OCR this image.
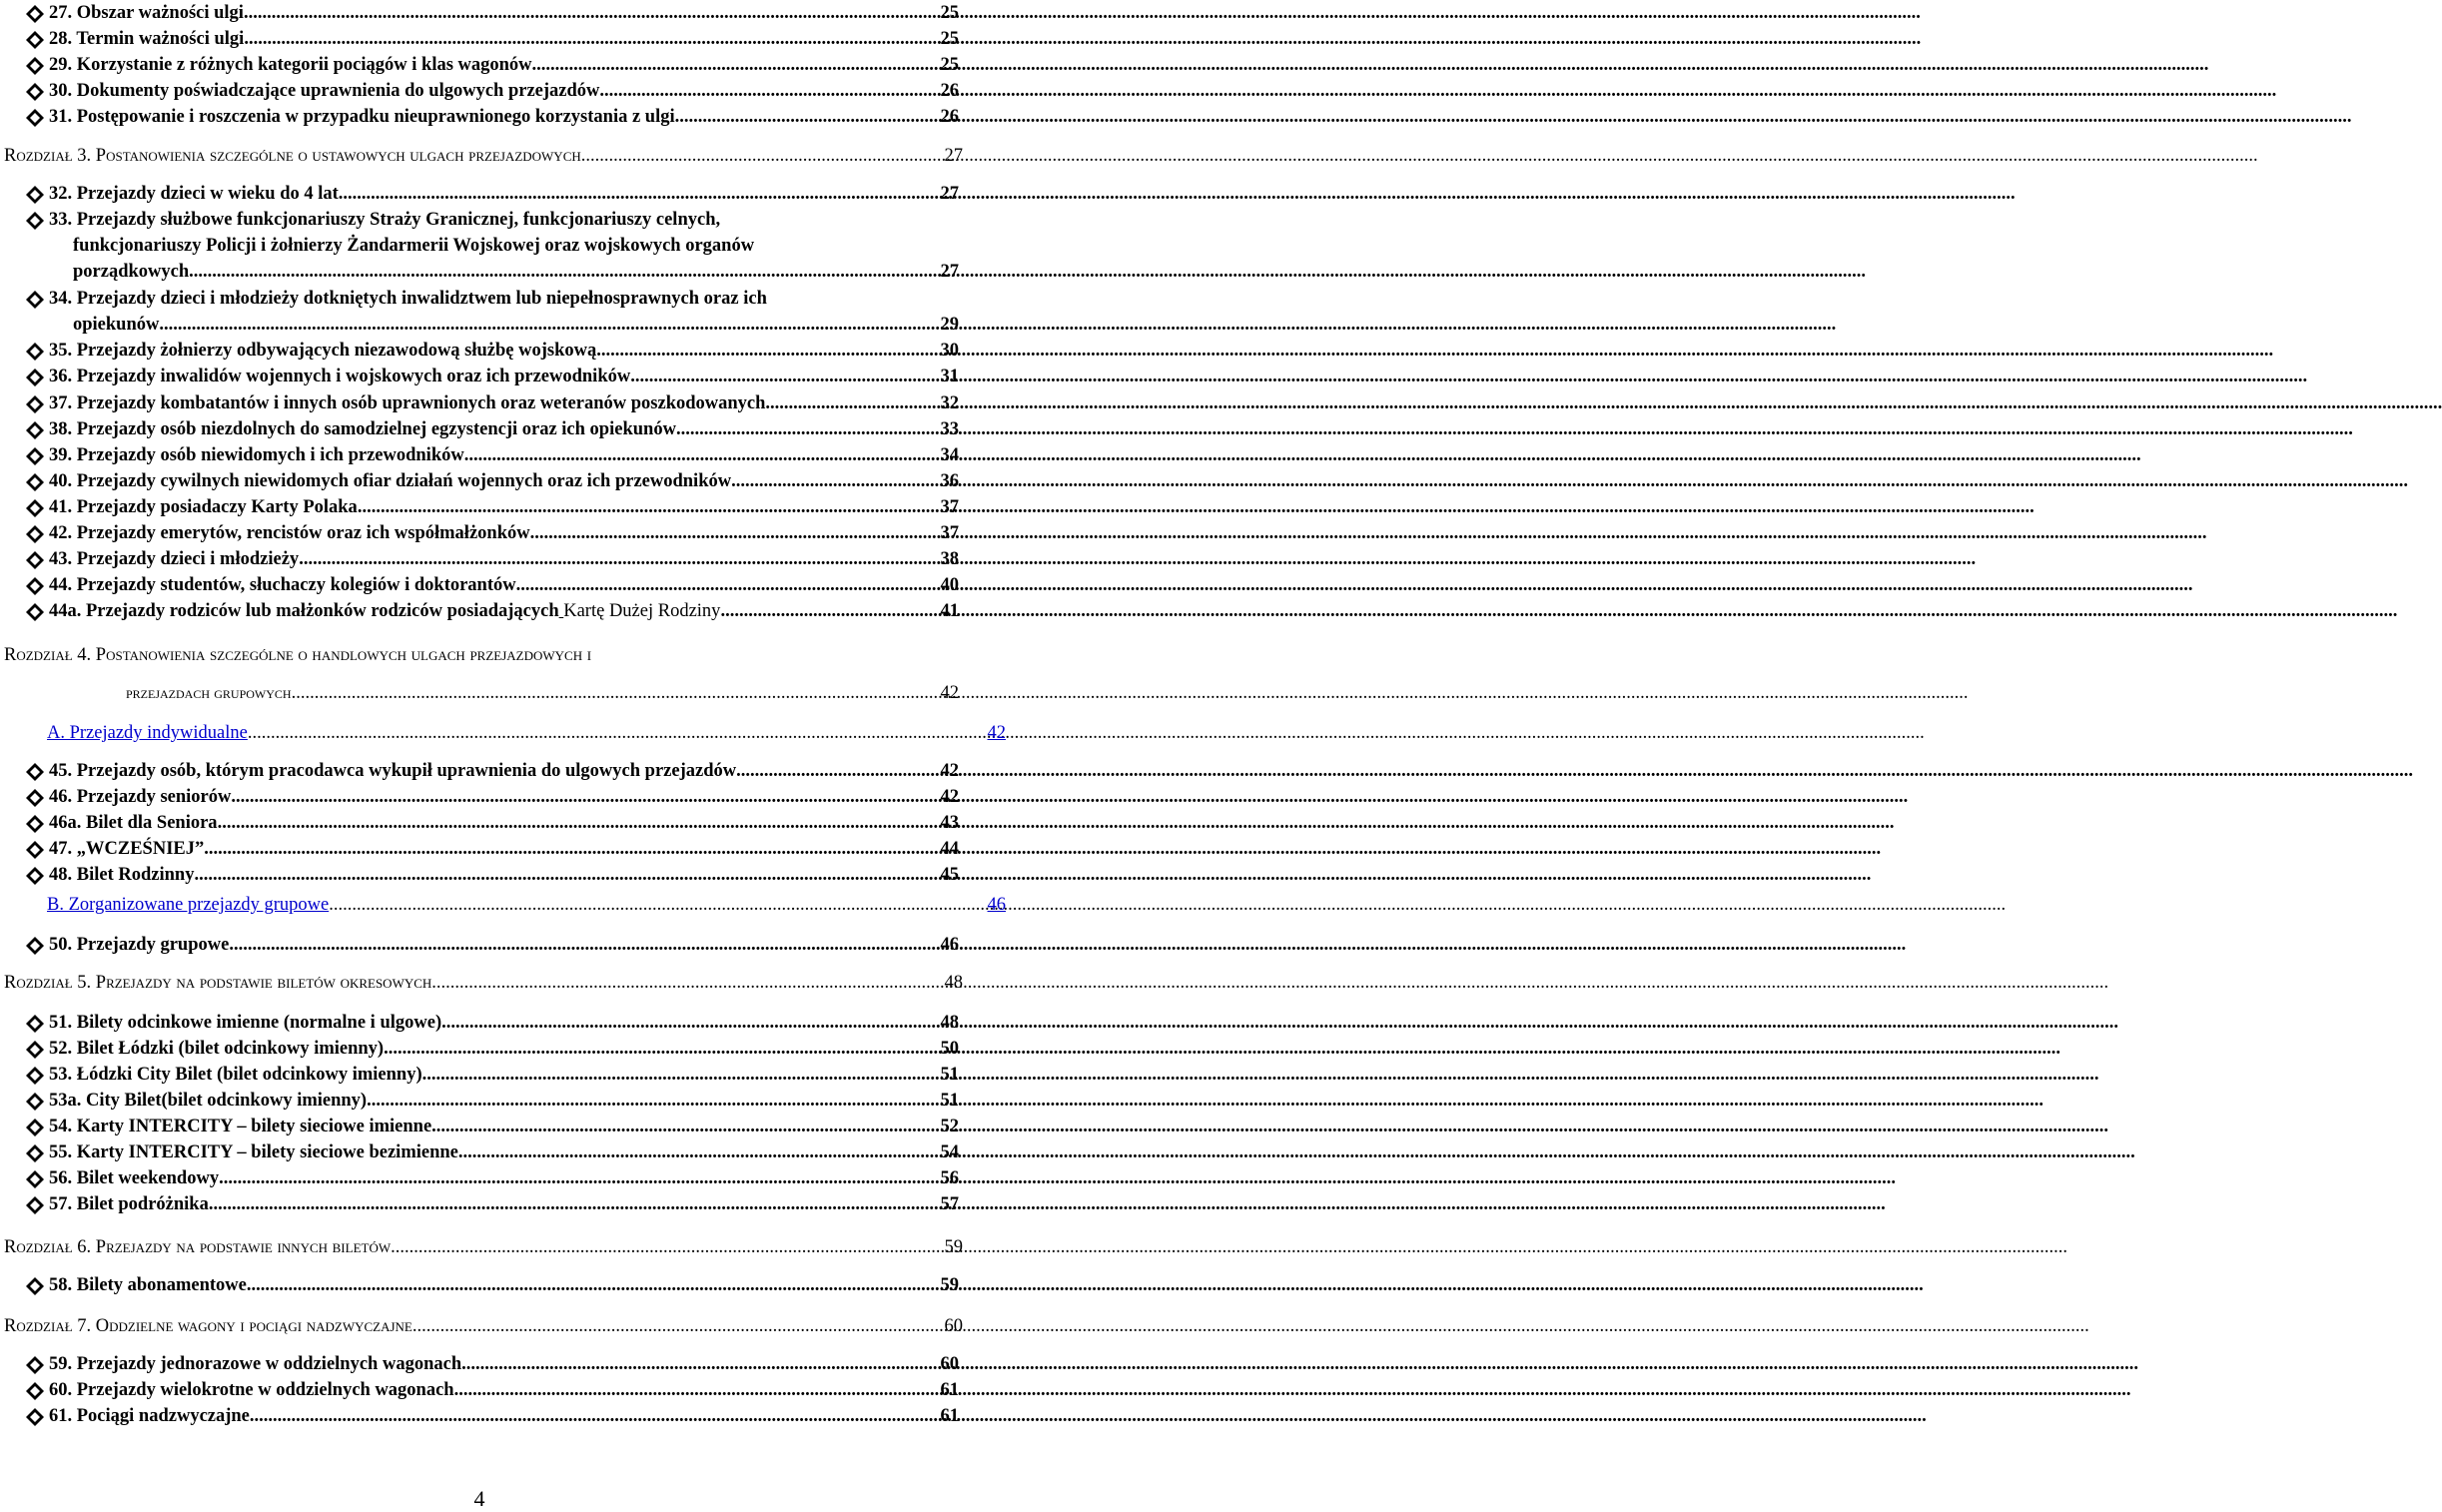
27. Obszar ważności ulgi .....	25
28. Termin ważności ulgi .....	25
29. Korzystanie z różnych kategorii pociągów i klas wagonów .....	25
30. Dokumenty poświadczające uprawnienia do ulgowych przejazdów .....	26
31. Postępowanie i roszczenia w przypadku nieuprawnionego korzystania z ulgi .....	26
Rozdział 3. Postanowienia szczególne o ustawowych ulgach przejazdowych .....	27
32. Przejazdy dzieci w wieku do 4 lat .....	27
33. Przejazdy służbowe funkcjonariuszy Straży Granicznej, funkcjonariuszy celnych,
funkcjonariuszy Policji i żołnierzy Żandarmerii Wojskowej oraz wojskowych organów
porządkowych .....	27
34. Przejazdy dzieci i młodzieży dotkniętych inwalidztwem lub niepełnosprawnych oraz ich
opiekunów .....	29
35. Przejazdy żołnierzy odbywających niezawodową służbę wojskową .....	30
36. Przejazdy inwalidów wojennych i wojskowych oraz ich przewodników .....	31
37. Przejazdy kombatantów i innych osób uprawnionych oraz weteranów poszkodowanych .....	32
38. Przejazdy osób niezdolnych do samodzielnej egzystencji oraz ich opiekunów .....	33
39. Przejazdy osób niewidomych i ich przewodników .....	34
40. Przejazdy cywilnych niewidomych ofiar działań wojennych oraz ich przewodników .....	36
41. Przejazdy posiadaczy Karty Polaka .....	37
42. Przejazdy emerytów, rencistów oraz ich współmałżonków .....	37
43. Przejazdy dzieci i młodzieży .....	38
44. Przejazdy studentów, słuchaczy kolegiów i doktorantów .....	40
44a. Przejazdy rodziców lub małżonków rodziców posiadających
Kartę Dużej Rodziny .....	41
Rozdział 4. Postanowienia szczególne o handlowych ulgach przejazdowych i
przejazdach grupowych .....	42
A. Przejazdy indywidualne .....	42
45. Przejazdy osób, którym pracodawca wykupił uprawnienia do ulgowych przejazdów .....	42
46. Przejazdy seniorów .....	42
46a. Bilet dla Seniora .....	43
47. „WCZEŚNIEJ” .....	44
48. Bilet Rodzinny .....	45
B. Zorganizowane przejazdy grupowe .....	46
50. Przejazdy grupowe .....	46
Rozdział 5. Przejazdy na podstawie biletów okresowych .....	48
51. Bilety odcinkowe imienne (normalne i ulgowe) .....	48
52. Bilet Łódzki (bilet odcinkowy imienny) .....	50
53. Łódzki City Bilet (bilet odcinkowy imienny) .....	51
53a. City Bilet(bilet odcinkowy imienny) .....	51
54. Karty INTERCITY – bilety sieciowe imienne .....	52
55. Karty INTERCITY – bilety sieciowe bezimienne .....	54
56. Bilet weekendowy .....	56
57. Bilet podróżnika .....	57
Rozdział 6. Przejazdy na podstawie innych biletów .....	59
58. Bilety abonamentowe .....	59
Rozdział 7. Oddzielne wagony i pociągi nadzwyczajne .....	60
59. Przejazdy jednorazowe w oddzielnych wagonach .....	60
60. Przejazdy wielokrotne w oddzielnych wagonach .....	61
61. Pociągi nadzwyczajne .....	61
4
